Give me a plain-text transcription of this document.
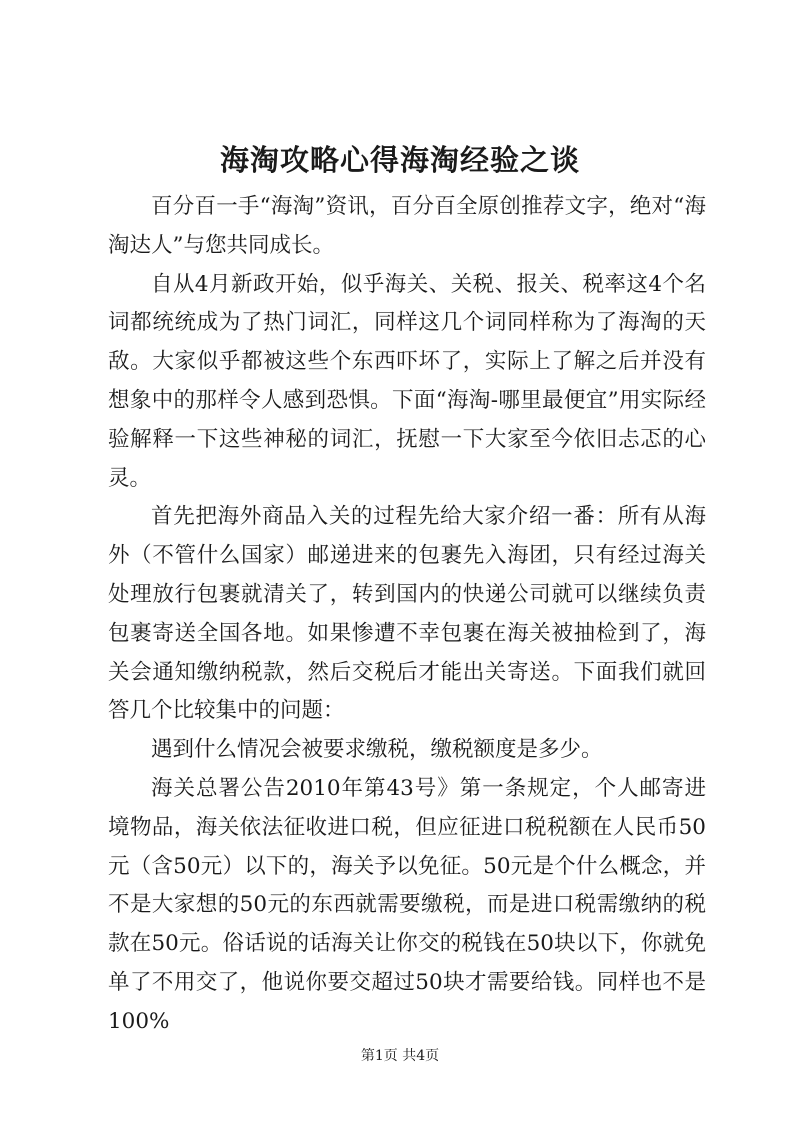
海淘攻略心得海淘经验之谈

百分百一手“海淘”资讯，百分百全原创推荐文字，绝对“海淘达人”与您共同成长。

自从4月新政开始，似乎海关、关税、报关、税率这4个名词都统统成为了热门词汇，同样这几个词同样称为了海淘的天敌。大家似乎都被这些个东西吓坏了，实际上了解之后并没有想象中的那样令人感到恐惧。下面“海淘-哪里最便宜”用实际经验解释一下这些神秘的词汇，抚慰一下大家至今依旧忐忑的心灵。

首先把海外商品入关的过程先给大家介绍一番：所有从海外（不管什么国家）邮递进来的包裹先入海团，只有经过海关处理放行包裹就清关了，转到国内的快递公司就可以继续负责包裹寄送全国各地。如果惨遭不幸包裹在海关被抽检到了，海关会通知缴纳税款，然后交税后才能出关寄送。下面我们就回答几个比较集中的问题：

遇到什么情况会被要求缴税，缴税额度是多少。

海关总署公告2010年第43号》第一条规定，个人邮寄进境物品，海关依法征收进口税，但应征进口税税额在人民币50元（含50元）以下的，海关予以免征。50元是个什么概念，并不是大家想的50元的东西就需要缴税，而是进口税需缴纳的税款在50元。俗话说的话海关让你交的税钱在50块以下，你就免单了不用交了，他说你要交超过50块才需要给钱。同样也不是100%

第1页 共4页
